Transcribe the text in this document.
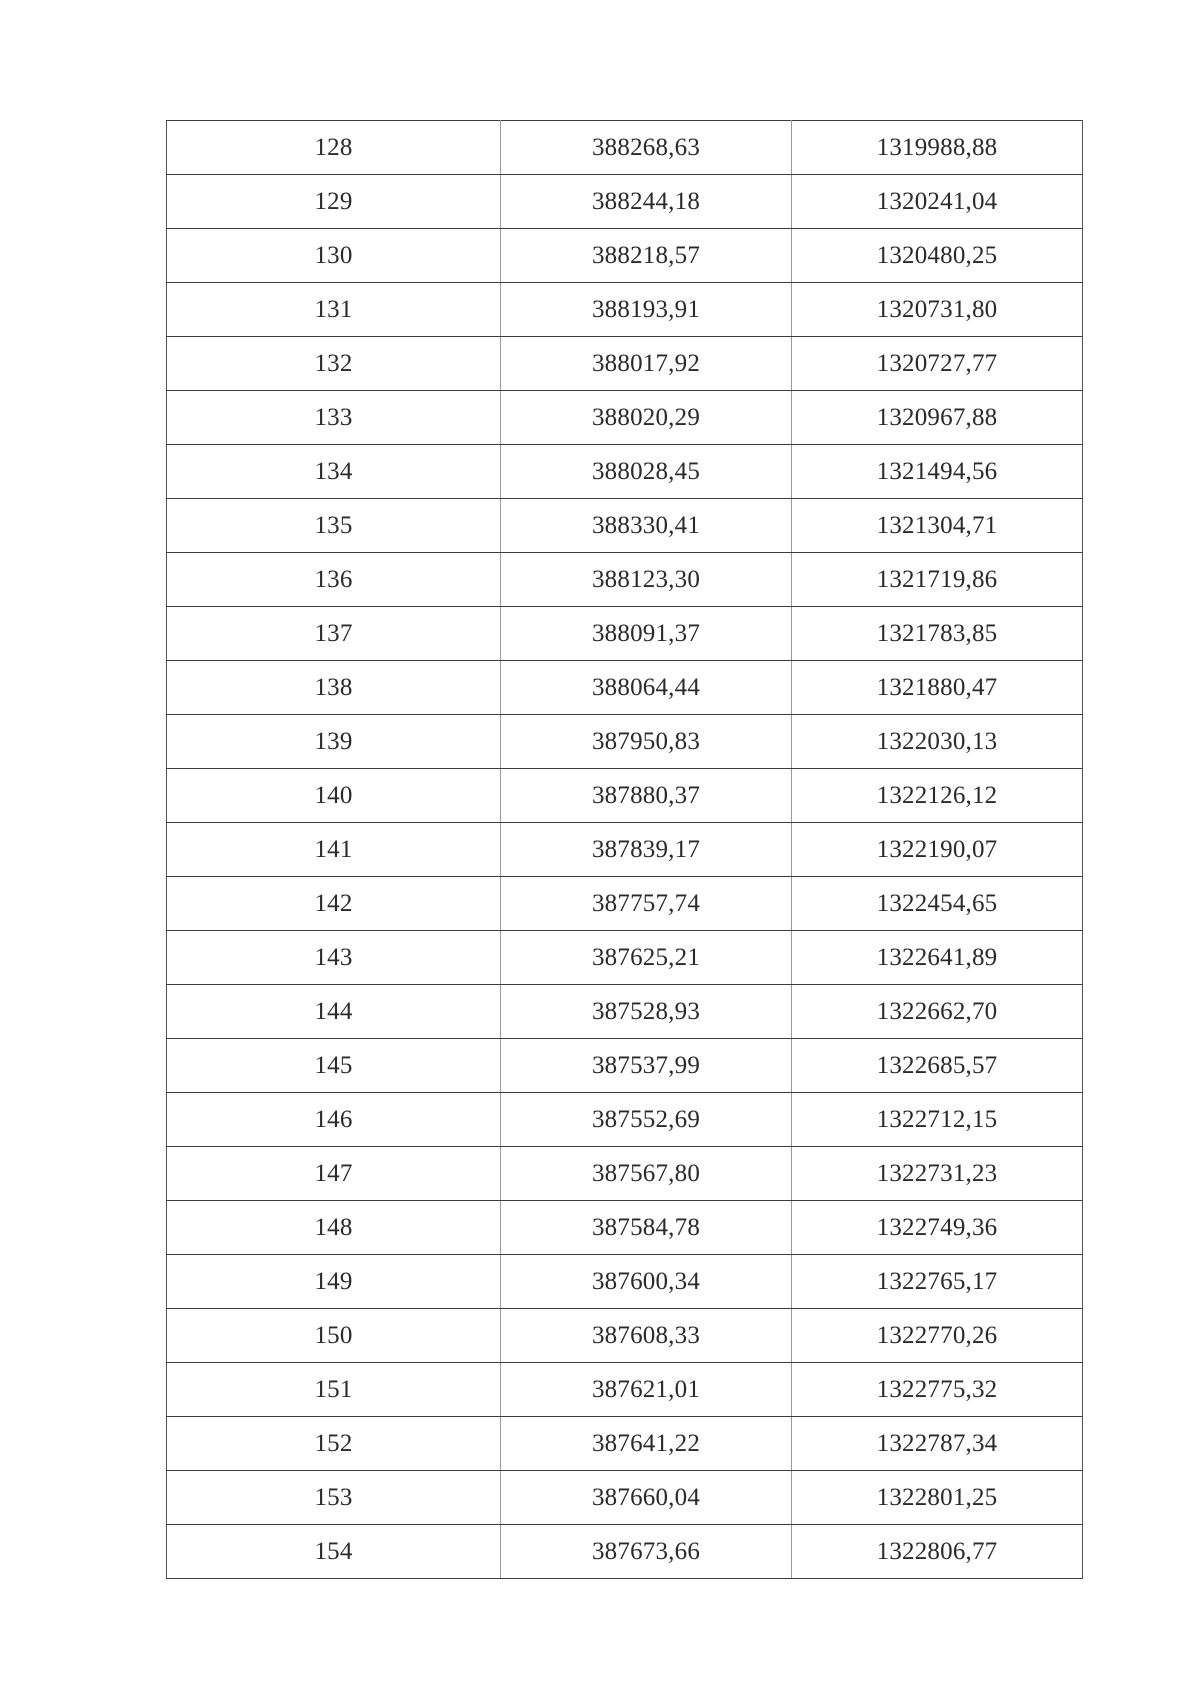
128	388268,63	1319988,88
129	388244,18	1320241,04
130	388218,57	1320480,25
131	388193,91	1320731,80
132	388017,92	1320727,77
133	388020,29	1320967,88
134	388028,45	1321494,56
135	388330,41	1321304,71
136	388123,30	1321719,86
137	388091,37	1321783,85
138	388064,44	1321880,47
139	387950,83	1322030,13
140	387880,37	1322126,12
141	387839,17	1322190,07
142	387757,74	1322454,65
143	387625,21	1322641,89
144	387528,93	1322662,70
145	387537,99	1322685,57
146	387552,69	1322712,15
147	387567,80	1322731,23
148	387584,78	1322749,36
149	387600,34	1322765,17
150	387608,33	1322770,26
151	387621,01	1322775,32
152	387641,22	1322787,34
153	387660,04	1322801,25
154	387673,66	1322806,77
